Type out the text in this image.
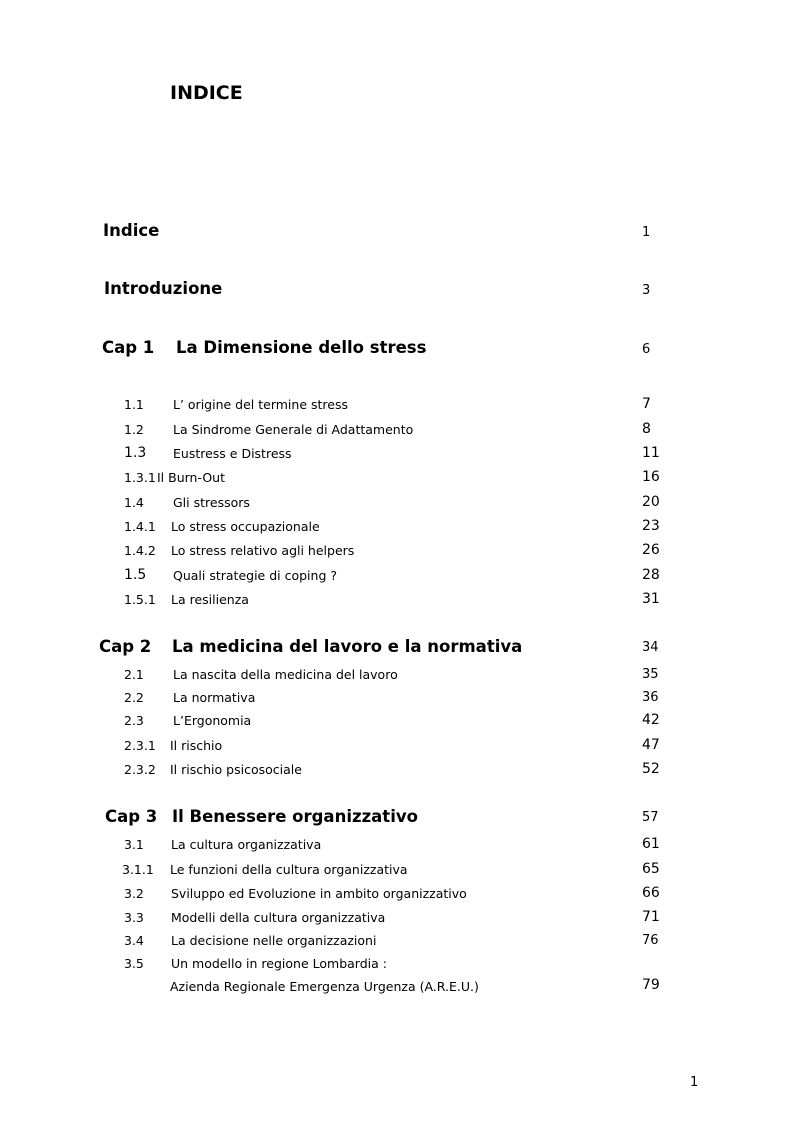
INDICE
Indice	1
Introduzione	3
Cap 1 La Dimensione dello stress	6
1.1 L’ origine del termine stress	7
1.2 La Sindrome Generale di Adattamento	8
1.3 Eustress e Distress	11
1.3.1 Il Burn-Out	16
1.4 Gli stressors	20
1.4.1 Lo stress occupazionale	23
1.4.2 Lo stress relativo agli helpers	26
1.5 Quali strategie di coping ?	28
1.5.1 La resilienza	31
Cap 2 La medicina del lavoro e la normativa	34
2.1 La nascita della medicina del lavoro	35
2.2 La normativa	36
2.3 L’Ergonomia	42
2.3.1 Il rischio	47
2.3.2 Il rischio psicosociale	52
Cap 3 Il Benessere organizzativo	57
3.1 La cultura organizzativa	61
3.1.1 Le funzioni della cultura organizzativa	65
3.2 Sviluppo ed Evoluzione in ambito organizzativo	66
3.3 Modelli della cultura organizzativa	71
3.4 La decisione nelle organizzazioni	76
3.5 Un modello in regione Lombardia :
Azienda Regionale Emergenza Urgenza (A.R.E.U.)	79
1
